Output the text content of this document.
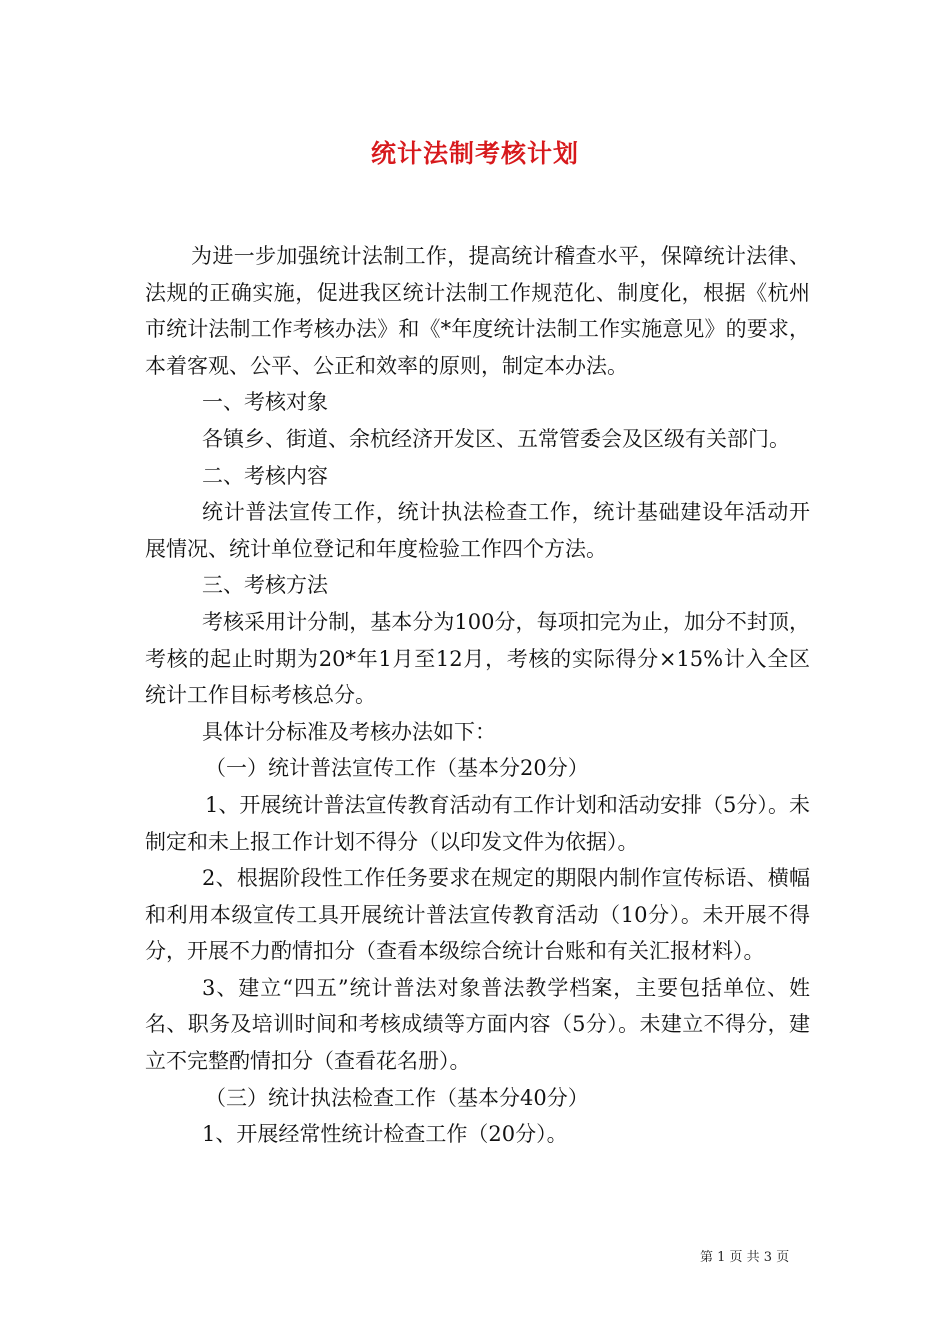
统计法制考核计划

为进一步加强统计法制工作，提高统计稽查水平，保障统计法律、法规的正确实施，促进我区统计法制工作规范化、制度化，根据《杭州市统计法制工作考核办法》和《*年度统计法制工作实施意见》的要求，本着客观、公平、公正和效率的原则，制定本办法。

一、考核对象

各镇乡、街道、余杭经济开发区、五常管委会及区级有关部门。

二、考核内容

统计普法宣传工作，统计执法检查工作，统计基础建设年活动开展情况、统计单位登记和年度检验工作四个方法。

三、考核方法

考核采用计分制，基本分为100分，每项扣完为止，加分不封顶，考核的起止时期为20*年1月至12月，考核的实际得分×15%计入全区统计工作目标考核总分。

具体计分标准及考核办法如下：

（一）统计普法宣传工作（基本分20分）

1、开展统计普法宣传教育活动有工作计划和活动安排（5分）。未制定和未上报工作计划不得分（以印发文件为依据）。

2、根据阶段性工作任务要求在规定的期限内制作宣传标语、横幅和利用本级宣传工具开展统计普法宣传教育活动（10分）。未开展不得分，开展不力酌情扣分（查看本级综合统计台账和有关汇报材料）。

3、建立“四五”统计普法对象普法教学档案，主要包括单位、姓名、职务及培训时间和考核成绩等方面内容（5分）。未建立不得分，建立不完整酌情扣分（查看花名册）。

（三）统计执法检查工作（基本分40分）

1、开展经常性统计检查工作（20分）。

第 1 页 共 3 页
